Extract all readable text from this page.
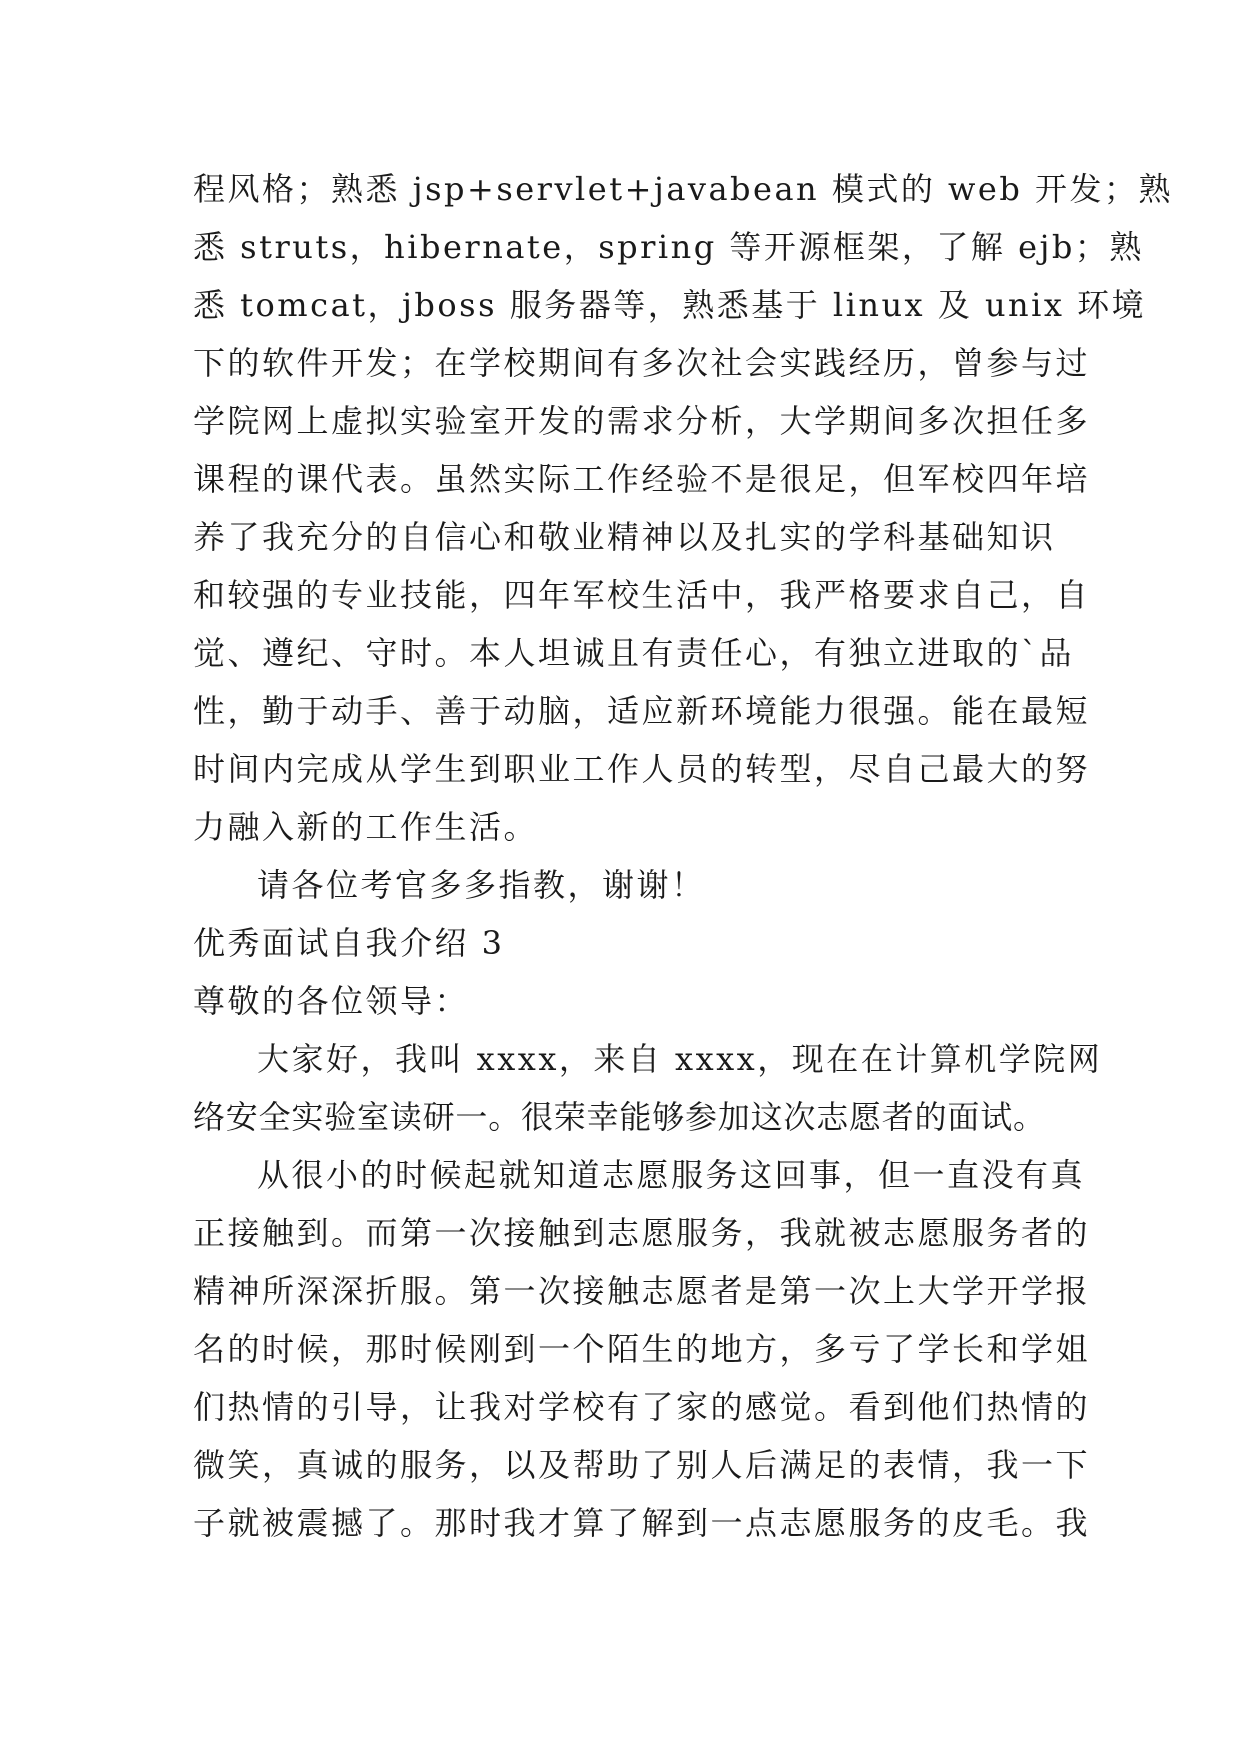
程风格；熟悉 jsp+servlet+javabean 模式的 web 开发；熟
悉 struts，hibernate，spring 等开源框架，了解 ejb；熟
悉 tomcat，jboss 服务器等，熟悉基于 linux 及 unix 环境
下的软件开发；在学校期间有多次社会实践经历，曾参与过
学院网上虚拟实验室开发的需求分析，大学期间多次担任多
课程的课代表。虽然实际工作经验不是很足，但军校四年培
养了我充分的自信心和敬业精神以及扎实的学科基础知识
和较强的专业技能，四年军校生活中，我严格要求自己，自
觉、遵纪、守时。本人坦诚且有责任心，有独立进取的`品
性，勤于动手、善于动脑，适应新环境能力很强。能在最短
时间内完成从学生到职业工作人员的转型，尽自己最大的努
力融入新的工作生活。
请各位考官多多指教，谢谢！
优秀面试自我介绍 3
尊敬的各位领导：
大家好，我叫 xxxx，来自 xxxx，现在在计算机学院网
络安全实验室读研一。很荣幸能够参加这次志愿者的面试。
从很小的时候起就知道志愿服务这回事，但一直没有真
正接触到。而第一次接触到志愿服务，我就被志愿服务者的
精神所深深折服。第一次接触志愿者是第一次上大学开学报
名的时候，那时候刚到一个陌生的地方，多亏了学长和学姐
们热情的引导，让我对学校有了家的感觉。看到他们热情的
微笑，真诚的服务，以及帮助了别人后满足的表情，我一下
子就被震撼了。那时我才算了解到一点志愿服务的皮毛。我
